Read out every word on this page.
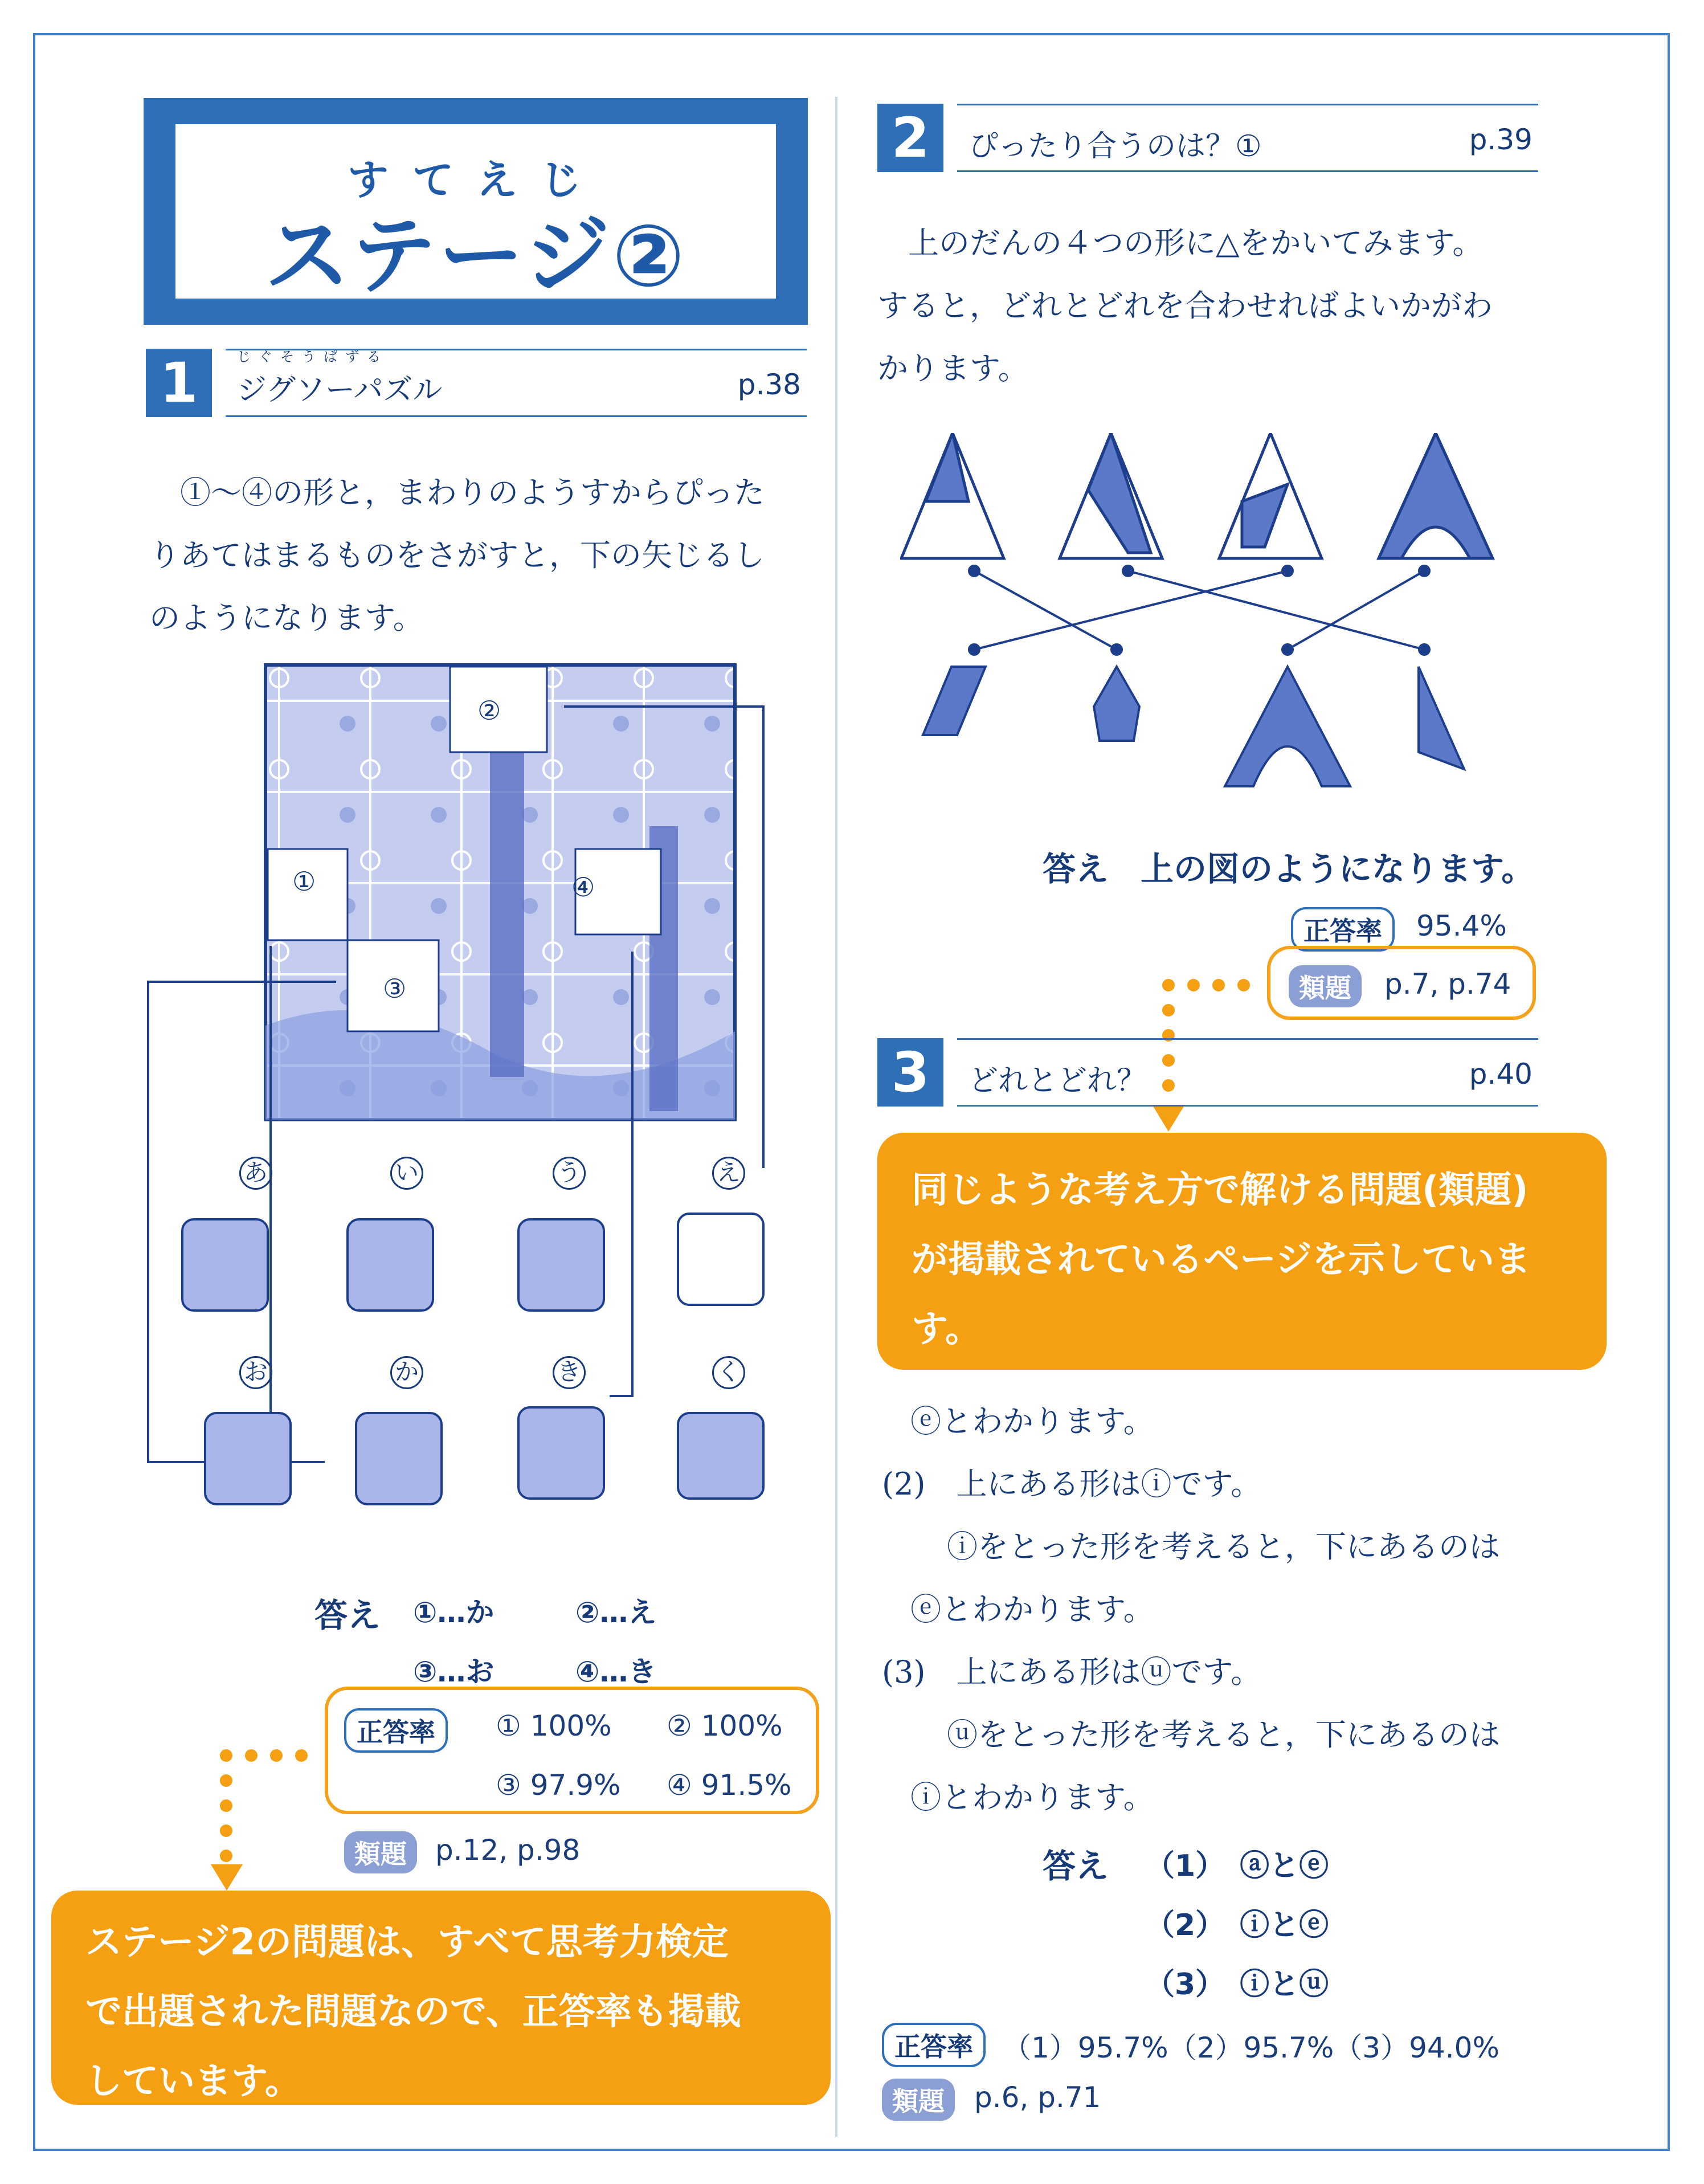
すてえじ
ステージ②
1	じぐそうぱずる
ジグソーパズル	p.38
①～④の形と，まわりのようすからぴった
りあてはまるものをさがすと，下の矢じるし
のようになります。
②
①	④
③
あ	い	う	え
お	か	き	く
答え ①…か	②…え
③…お	④…き
正答率	① 100% ② 100%
③ 97.9% ④ 91.5%
類題	p.12, p.98
ステージ2の問題は、すべて思考力検定
で出題された問題なので、正答率も掲載
しています。
2	ぴったり合うのは？①	p.39
上のだんの４つの形に△をかいてみます。
すると，どれとどれを合わせればよいかがわ
かります。
答え 上の図のようになります。
正答率	95.4%
類題	p.7, p.74
3	どれとどれ？	p.40
同じような考え方で解ける問題(類題)
が掲載されているページを示していま
す。
ⓔとわかります。
(2)　上にある形はⓘです。
　ⓘをとった形を考えると，下にあるのは
ⓔとわかります。
(3)　上にある形はⓤです。
　ⓤをとった形を考えると，下にあるのは
ⓘとわかります。
答え （1）　ⓐとⓔ
（2）　ⓘとⓔ
（3）　ⓘとⓤ
正答率	（1）95.7%（2）95.7%（3）94.0%
類題	p.6, p.71
